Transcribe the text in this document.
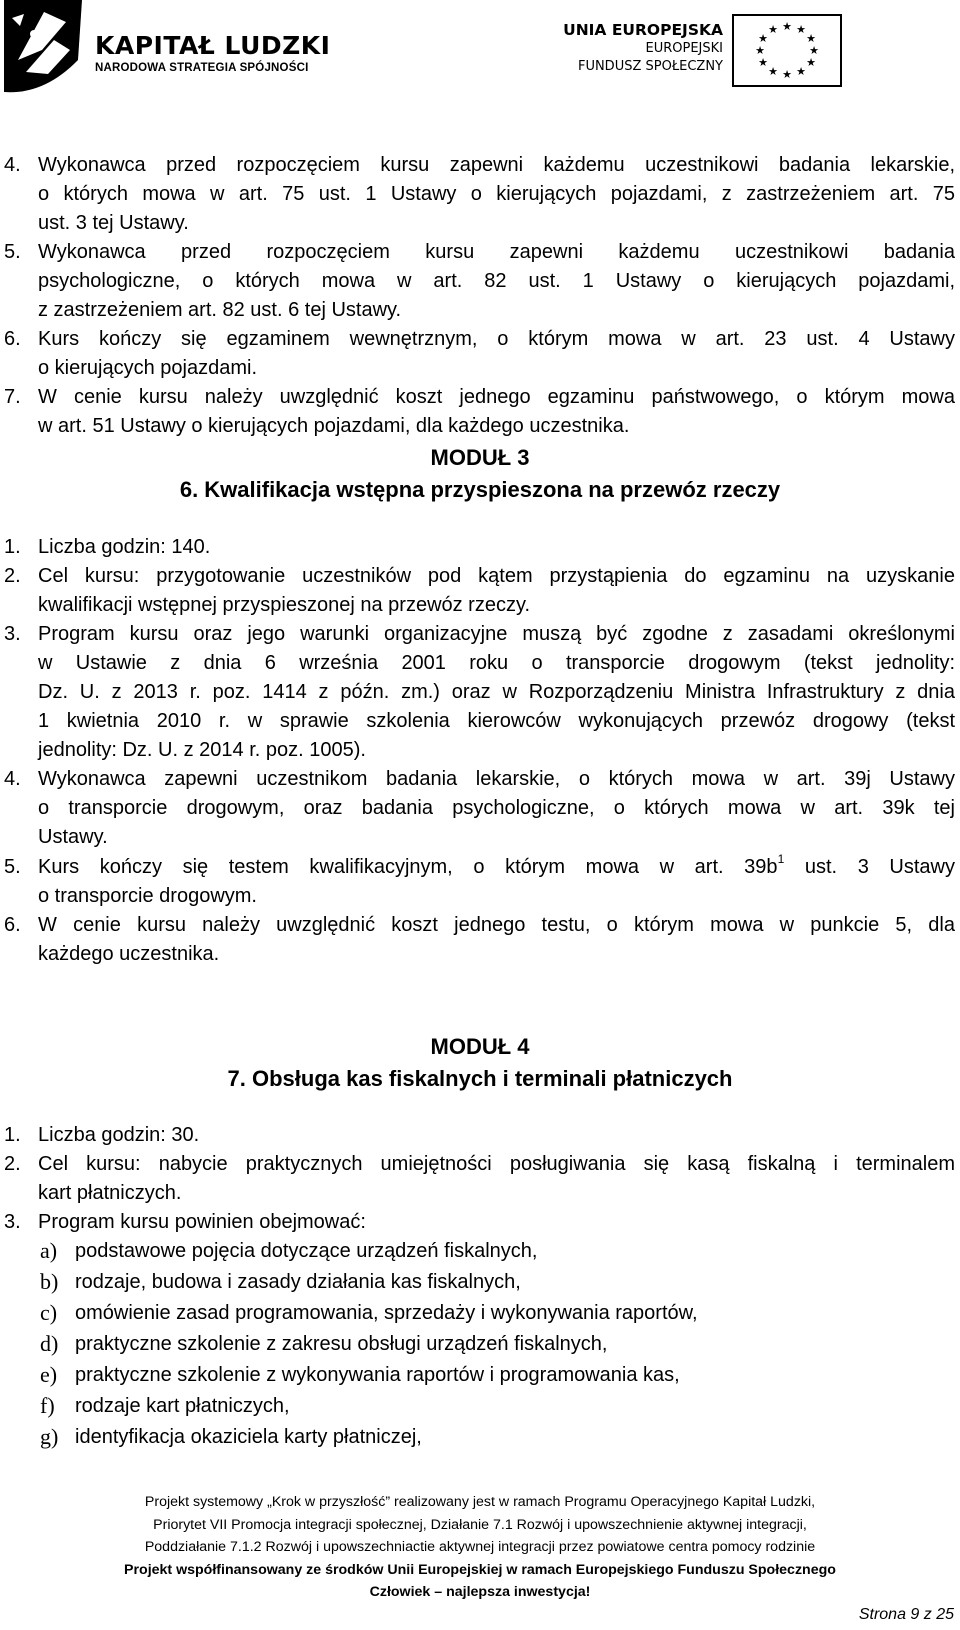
KAPITAŁ LUDZKI
NARODOWA STRATEGIA SPÓJNOŚCI
UNIA EUROPEJSKA
EUROPEJSKI
FUNDUSZ SPOŁECZNY
★ ★
★
★
★
★
★
★
★
★
★
★
4. Wykonawca przed rozpoczęciem kursu zapewni każdemu uczestnikowi badania lekarskie,
o których mowa w art. 75 ust. 1 Ustawy o kierujących pojazdami, z zastrzeżeniem art. 75
ust. 3 tej Ustawy.
5. Wykonawca przed rozpoczęciem kursu zapewni każdemu uczestnikowi badania
psychologiczne, o których mowa w art. 82 ust. 1 Ustawy o kierujących pojazdami,
z zastrzeżeniem art. 82 ust. 6 tej Ustawy.
6. Kurs kończy się egzaminem wewnętrznym, o którym mowa w art. 23 ust. 4 Ustawy
o kierujących pojazdami.
7. W cenie kursu należy uwzględnić koszt jednego egzaminu państwowego, o którym mowa
w art. 51 Ustawy o kierujących pojazdami, dla każdego uczestnika.
MODUŁ 3
6. Kwalifikacja wstępna przyspieszona na przewóz rzeczy
1. Liczba godzin: 140.
2. Cel kursu: przygotowanie uczestników pod kątem przystąpienia do egzaminu na uzyskanie
kwalifikacji wstępnej przyspieszonej na przewóz rzeczy.
3. Program kursu oraz jego warunki organizacyjne muszą być zgodne z zasadami określonymi
w Ustawie z dnia 6 września 2001 roku o transporcie drogowym (tekst jednolity:
Dz. U. z 2013 r. poz. 1414 z późn. zm.) oraz w Rozporządzeniu Ministra Infrastruktury z dnia
1 kwietnia 2010 r. w sprawie szkolenia kierowców wykonujących przewóz drogowy (tekst
jednolity: Dz. U. z 2014 r. poz. 1005).
4. Wykonawca zapewni uczestnikom badania lekarskie, o których mowa w art. 39j Ustawy
o transporcie drogowym, oraz badania psychologiczne, o których mowa w art. 39k tej
Ustawy.
5. Kurs kończy się testem kwalifikacyjnym, o którym mowa w art. $39b^1$ ust. 3 Ustawy
o transporcie drogowym.
6. W cenie kursu należy uwzględnić koszt jednego testu, o którym mowa w punkcie 5, dla
każdego uczestnika.
MODUŁ 4
7. Obsługa kas fiskalnych i terminali płatniczych
1. Liczba godzin: 30.
2. Cel kursu: nabycie praktycznych umiejętności posługiwania się kasą fiskalną i terminalem
kart płatniczych.
3. Program kursu powinien obejmować:
a) podstawowe pojęcia dotyczące urządzeń fiskalnych,
b) rodzaje, budowa i zasady działania kas fiskalnych,
c) omówienie zasad programowania, sprzedaży i wykonywania raportów,
d) praktyczne szkolenie z zakresu obsługi urządzeń fiskalnych,
e) praktyczne szkolenie z wykonywania raportów i programowania kas,
f) rodzaje kart płatniczych,
g) identyfikacja okaziciela karty płatniczej,
Projekt systemowy „Krok w przyszłość” realizowany jest w ramach Programu Operacyjnego Kapitał Ludzki,
Priorytet VII Promocja integracji społecznej, Działanie 7.1 Rozwój i upowszechnienie aktywnej integracji,
Poddziałanie 7.1.2 Rozwój i upowszechniactie aktywnej integracji przez powiatowe centra pomocy rodzinie
Projekt współfinansowany ze środków Unii Europejskiej w ramach Europejskiego Funduszu Społecznego
Człowiek – najlepsza inwestycja!
Strona 9 z 25
